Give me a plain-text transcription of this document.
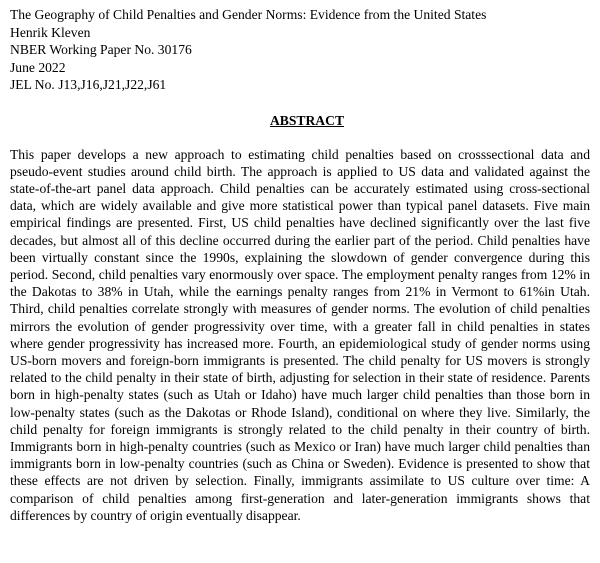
The Geography of Child Penalties and Gender Norms: Evidence from the United States

Henrik Kleven

NBER Working Paper No. 30176

June 2022

JEL No. J13,J16,J21,J22,J61

ABSTRACT

This paper develops a new approach to estimating child penalties based on crosssectional data and pseudo-event studies around child birth. The approach is applied to US data and validated against the state-of-the-art panel data approach. Child penalties can be accurately estimated using cross-sectional data, which are widely available and give more statistical power than typical panel datasets. Five main empirical findings are presented. First, US child penalties have declined significantly over the last five decades, but almost all of this decline occurred during the earlier part of the period. Child penalties have been virtually constant since the 1990s, explaining the slowdown of gender convergence during this period. Second, child penalties vary enormously over space. The employment penalty ranges from 12% in the Dakotas to 38% in Utah, while the earnings penalty ranges from 21% in Vermont to 61%in Utah. Third, child penalties correlate strongly with measures of gender norms. The evolution of child penalties mirrors the evolution of gender progressivity over time, with a greater fall in child penalties in states where gender progressivity has increased more. Fourth, an epidemiological study of gender norms using US-born movers and foreign-born immigrants is presented. The child penalty for US movers is strongly related to the child penalty in their state of birth, adjusting for selection in their state of residence. Parents born in high-penalty states (such as Utah or Idaho) have much larger child penalties than those born in low-penalty states (such as the Dakotas or Rhode Island), conditional on where they live. Similarly, the child penalty for foreign immigrants is strongly related to the child penalty in their country of birth. Immigrants born in high-penalty countries (such as Mexico or Iran) have much larger child penalties than immigrants born in low-penalty countries (such as China or Sweden). Evidence is presented to show that these effects are not driven by selection. Finally, immigrants assimilate to US culture over time: A comparison of child penalties among first-generation and later-generation immigrants shows that differences by country of origin eventually disappear.
